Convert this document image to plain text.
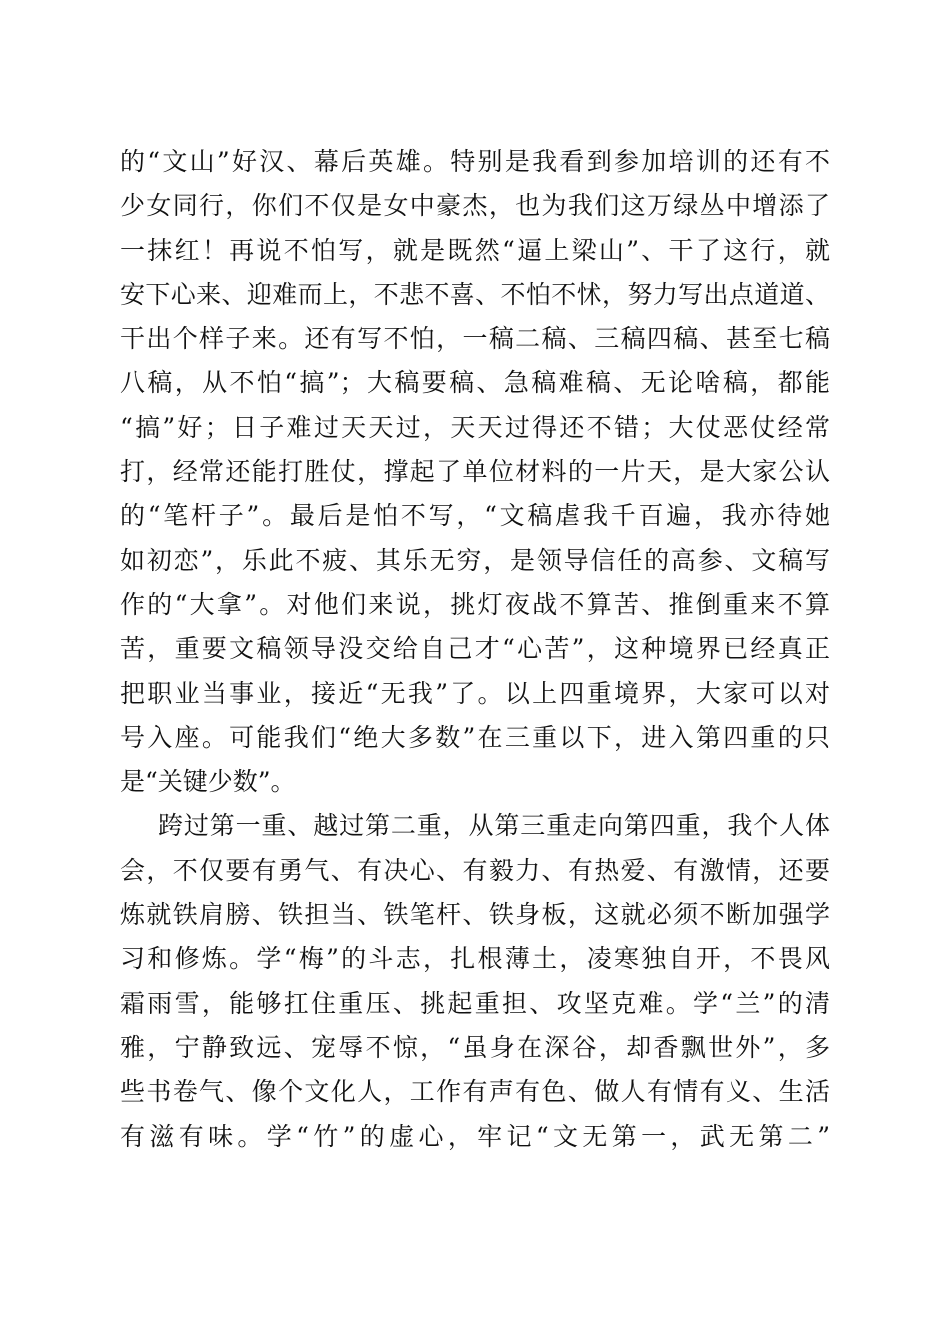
的“文山”好汉、幕后英雄。特别是我看到参加培训的还有不
少女同行，你们不仅是女中豪杰，也为我们这万绿丛中增添了
一抹红！再说不怕写，就是既然“逼上梁山”、干了这行，就
安下心来、迎难而上，不悲不喜、不怕不怵，努力写出点道道、
干出个样子来。还有写不怕，一稿二稿、三稿四稿、甚至七稿
八稿，从不怕“搞”；大稿要稿、急稿难稿、无论啥稿，都能
“搞”好；日子难过天天过，天天过得还不错；大仗恶仗经常
打，经常还能打胜仗，撑起了单位材料的一片天，是大家公认
的“笔杆子”。最后是怕不写，“文稿虐我千百遍，我亦待她
如初恋”，乐此不疲、其乐无穷，是领导信任的高参、文稿写
作的“大拿”。对他们来说，挑灯夜战不算苦、推倒重来不算
苦，重要文稿领导没交给自己才“心苦”，这种境界已经真正
把职业当事业，接近“无我”了。以上四重境界，大家可以对
号入座。可能我们“绝大多数”在三重以下，进入第四重的只
是“关键少数”。
跨过第一重、越过第二重，从第三重走向第四重，我个人体
会，不仅要有勇气、有决心、有毅力、有热爱、有激情，还要
炼就铁肩膀、铁担当、铁笔杆、铁身板，这就必须不断加强学
习和修炼。学“梅”的斗志，扎根薄土，凌寒独自开，不畏风
霜雨雪，能够扛住重压、挑起重担、攻坚克难。学“兰”的清
雅，宁静致远、宠辱不惊，“虽身在深谷，却香飘世外”，多
些书卷气、像个文化人，工作有声有色、做人有情有义、生活
有滋有味。学“竹”的虚心，牢记“文无第一，武无第二”
